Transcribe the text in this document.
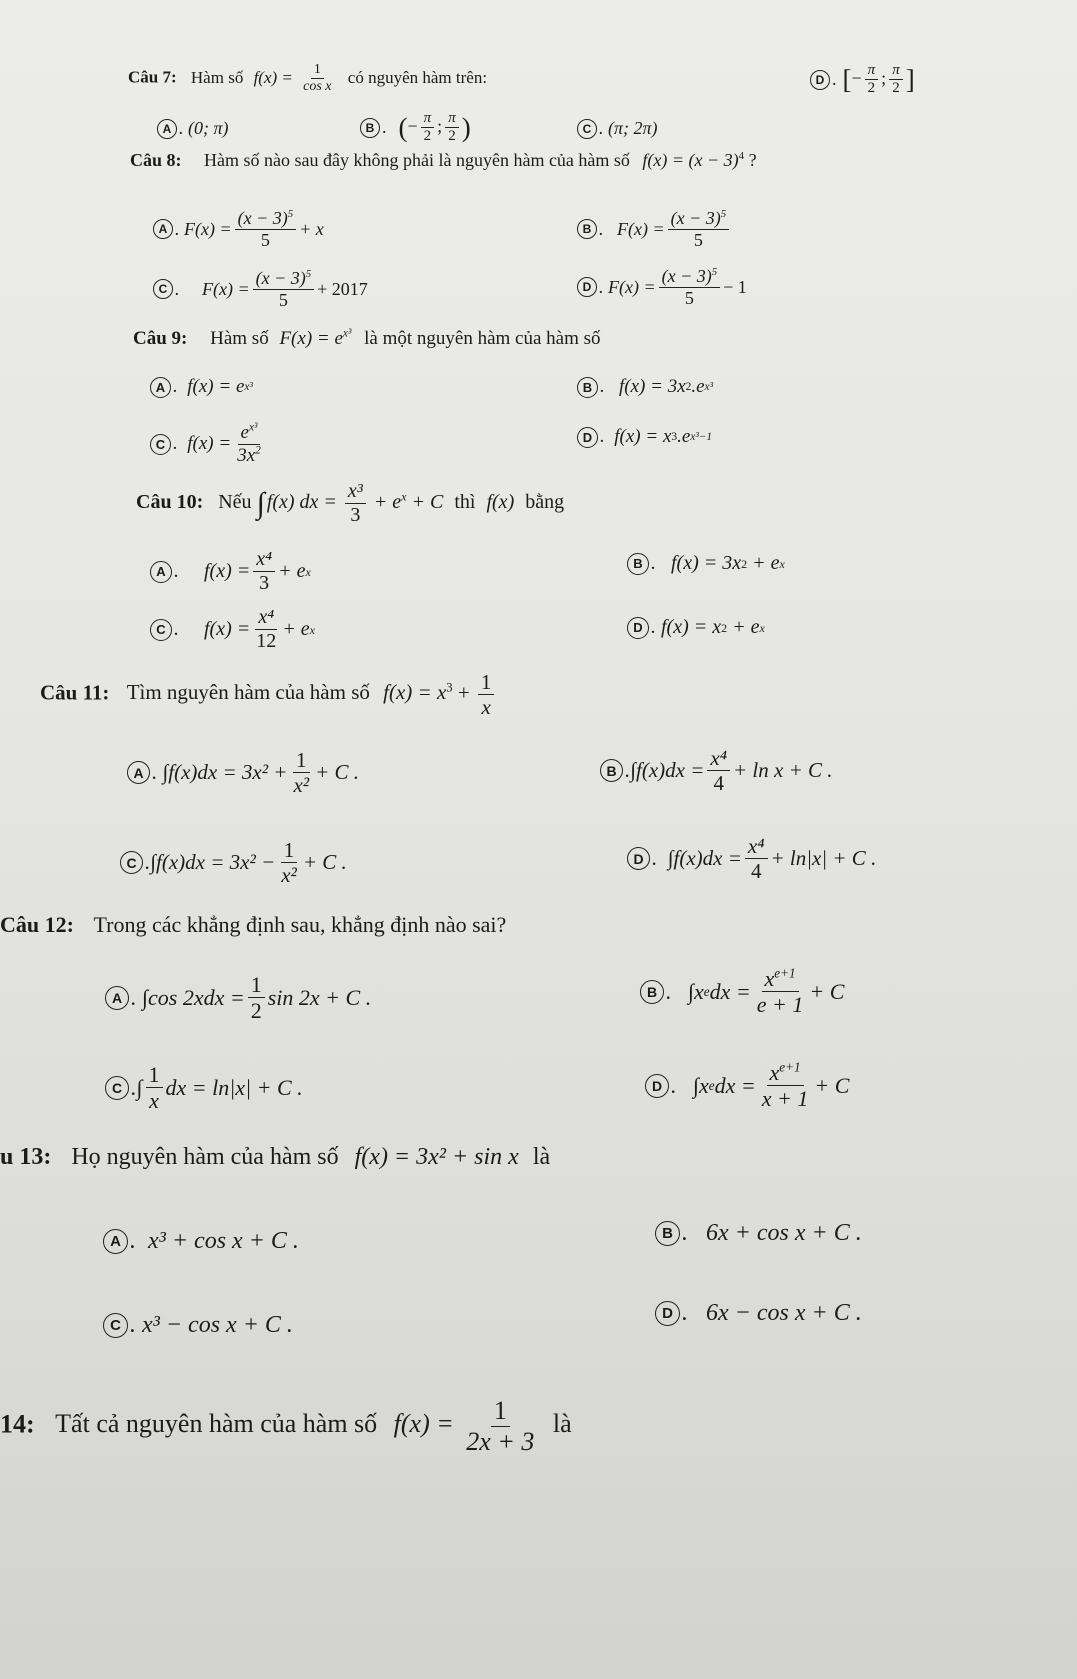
Câu 7: Hàm số $f(x) = \frac{1}{\text{cos x}}$ có nguyên hàm trên:
A . (0; π)	B . (− $\frac{\pi}{2}$ ; $\frac{\pi}{2}$ )	C . (π; 2π)
D . [− $\frac{\pi}{2}$ ; $\frac{\pi}{2}$ ]
Câu 8: Hàm số nào sau đây không phải là nguyên hàm của hàm số $f(x) = (x - 3)^4$ ?
A . $F(x) = \frac{(x - 3)^5}{5} + x$	B .   $F(x) = \frac{(x - 3)^5}{5}$
C .     $F(x) = \frac{(x - 3)^5}{5} + 2017$	D . $F(x) = \frac{(x - 3)^5}{5} - 1$
Câu 9: Hàm số $F(x) = e^{x^3}$ là một nguyên hàm của hàm số
A .  f(x) = e x³	B .   f(x) = 3x 2 .e x³
C .  $f(x) = \frac{e^{x^3}}{3x^2}$	D .  f(x) = x 3 .e x³−1
Câu 10: Nếu ∫ f(x) dx = $\frac{\text{x³}}{3} + e^x + C$ thì f(x) bằng
A .     $f(x) = \frac{\text{x⁴}}{3} + e$ x
B .   f(x) = 3x 2 + e x
C .     $f(x) = \frac{\text{x⁴}}{12} + e$ x	D . f(x) = x 2 + e x
Câu 11: Tìm nguyên hàm của hàm số $f(x) = x^3 + \frac{1}{x}$
A . $\int f(x)dx = 3x^2 + \frac{1}{\text{x²}} + C$ .	B $.\int f(x)dx = \frac{\text{x⁴}}{4} + \ln x + C$ .
C $.\int f(x)dx = 3x^2 - \frac{1}{\text{x²}} + C$ .	D .  $\int f(x)dx = \frac{\text{x⁴}}{4} + \ln|x| + C$ .
Câu 12: Trong các khẳng định sau, khẳng định nào sai?
A . ∫cos $2xdx = \frac{1}{2}$ sin 2x + C .	B .   ∫x e dx = $\frac{x^{e+1}}{e + 1} + C$
C .∫ $\frac{1}{x}$ dx = ln|x| + C .	D .   ∫x e dx = $\frac{x^{e+1}}{x + 1} + C$
u 13: Họ nguyên hàm của hàm số f(x) = 3x² + sin x là
A .  x³ + cos x + C .	B .   6x + cos x + C .
C . x³ − cos x + C .	D .   6x − cos x + C .
14: Tất cả nguyên hàm của hàm số $f(x) = \frac{1}{2x + 3}$ là
